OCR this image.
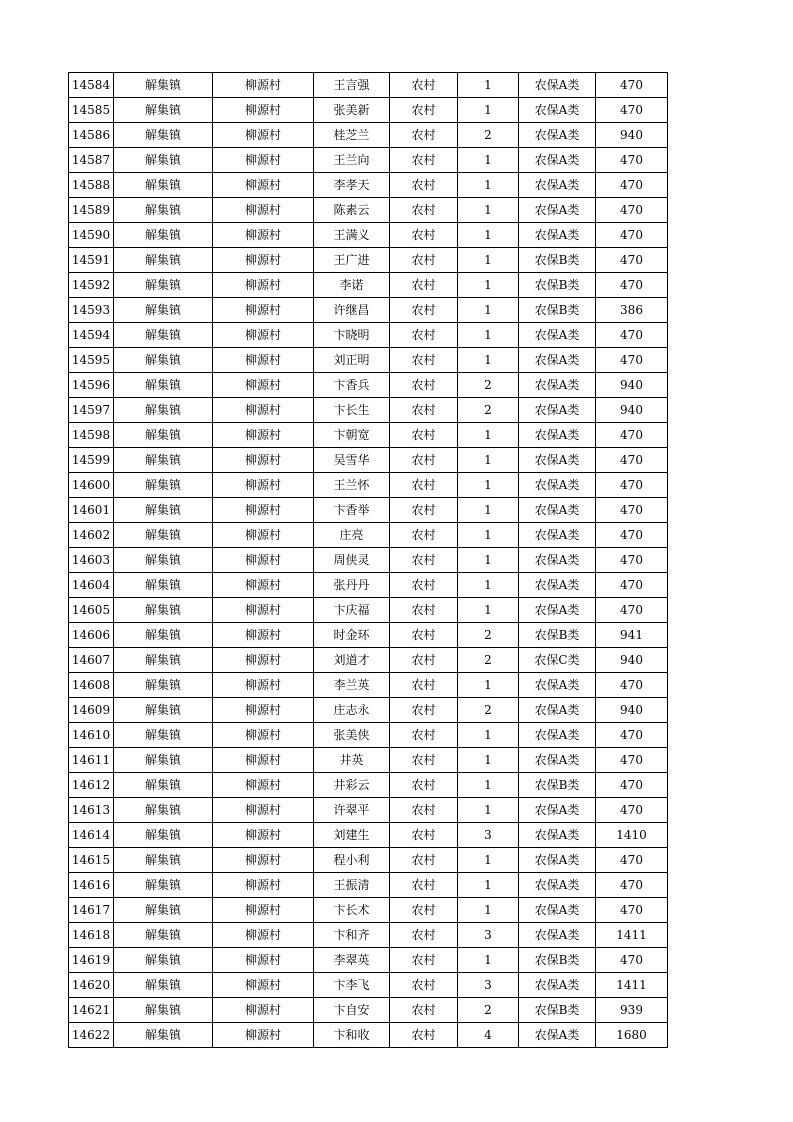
14584	解集镇	柳源村	王言强	农村	1	农保A类	470
14585	解集镇	柳源村	张美新	农村	1	农保A类	470
14586	解集镇	柳源村	桂芝兰	农村	2	农保A类	940
14587	解集镇	柳源村	王兰向	农村	1	农保A类	470
14588	解集镇	柳源村	李孝天	农村	1	农保A类	470
14589	解集镇	柳源村	陈素云	农村	1	农保A类	470
14590	解集镇	柳源村	王满义	农村	1	农保A类	470
14591	解集镇	柳源村	王广进	农村	1	农保B类	470
14592	解集镇	柳源村	李诺	农村	1	农保B类	470
14593	解集镇	柳源村	许继昌	农村	1	农保B类	386
14594	解集镇	柳源村	卞晓明	农村	1	农保A类	470
14595	解集镇	柳源村	刘正明	农村	1	农保A类	470
14596	解集镇	柳源村	卞香兵	农村	2	农保A类	940
14597	解集镇	柳源村	卞长生	农村	2	农保A类	940
14598	解集镇	柳源村	卞朝宽	农村	1	农保A类	470
14599	解集镇	柳源村	吴雪华	农村	1	农保A类	470
14600	解集镇	柳源村	王兰怀	农村	1	农保A类	470
14601	解集镇	柳源村	卞香举	农村	1	农保A类	470
14602	解集镇	柳源村	庄亮	农村	1	农保A类	470
14603	解集镇	柳源村	周侠灵	农村	1	农保A类	470
14604	解集镇	柳源村	张丹丹	农村	1	农保A类	470
14605	解集镇	柳源村	卞庆福	农村	1	农保A类	470
14606	解集镇	柳源村	时金环	农村	2	农保B类	941
14607	解集镇	柳源村	刘道才	农村	2	农保C类	940
14608	解集镇	柳源村	李兰英	农村	1	农保A类	470
14609	解集镇	柳源村	庄志永	农村	2	农保A类	940
14610	解集镇	柳源村	张美侠	农村	1	农保A类	470
14611	解集镇	柳源村	井英	农村	1	农保A类	470
14612	解集镇	柳源村	井彩云	农村	1	农保B类	470
14613	解集镇	柳源村	许翠平	农村	1	农保A类	470
14614	解集镇	柳源村	刘建生	农村	3	农保A类	1410
14615	解集镇	柳源村	程小利	农村	1	农保A类	470
14616	解集镇	柳源村	王振清	农村	1	农保A类	470
14617	解集镇	柳源村	卞长术	农村	1	农保A类	470
14618	解集镇	柳源村	卞和齐	农村	3	农保A类	1411
14619	解集镇	柳源村	李翠英	农村	1	农保B类	470
14620	解集镇	柳源村	卞李飞	农村	3	农保A类	1411
14621	解集镇	柳源村	卞自安	农村	2	农保B类	939
14622	解集镇	柳源村	卞和收	农村	4	农保A类	1680
